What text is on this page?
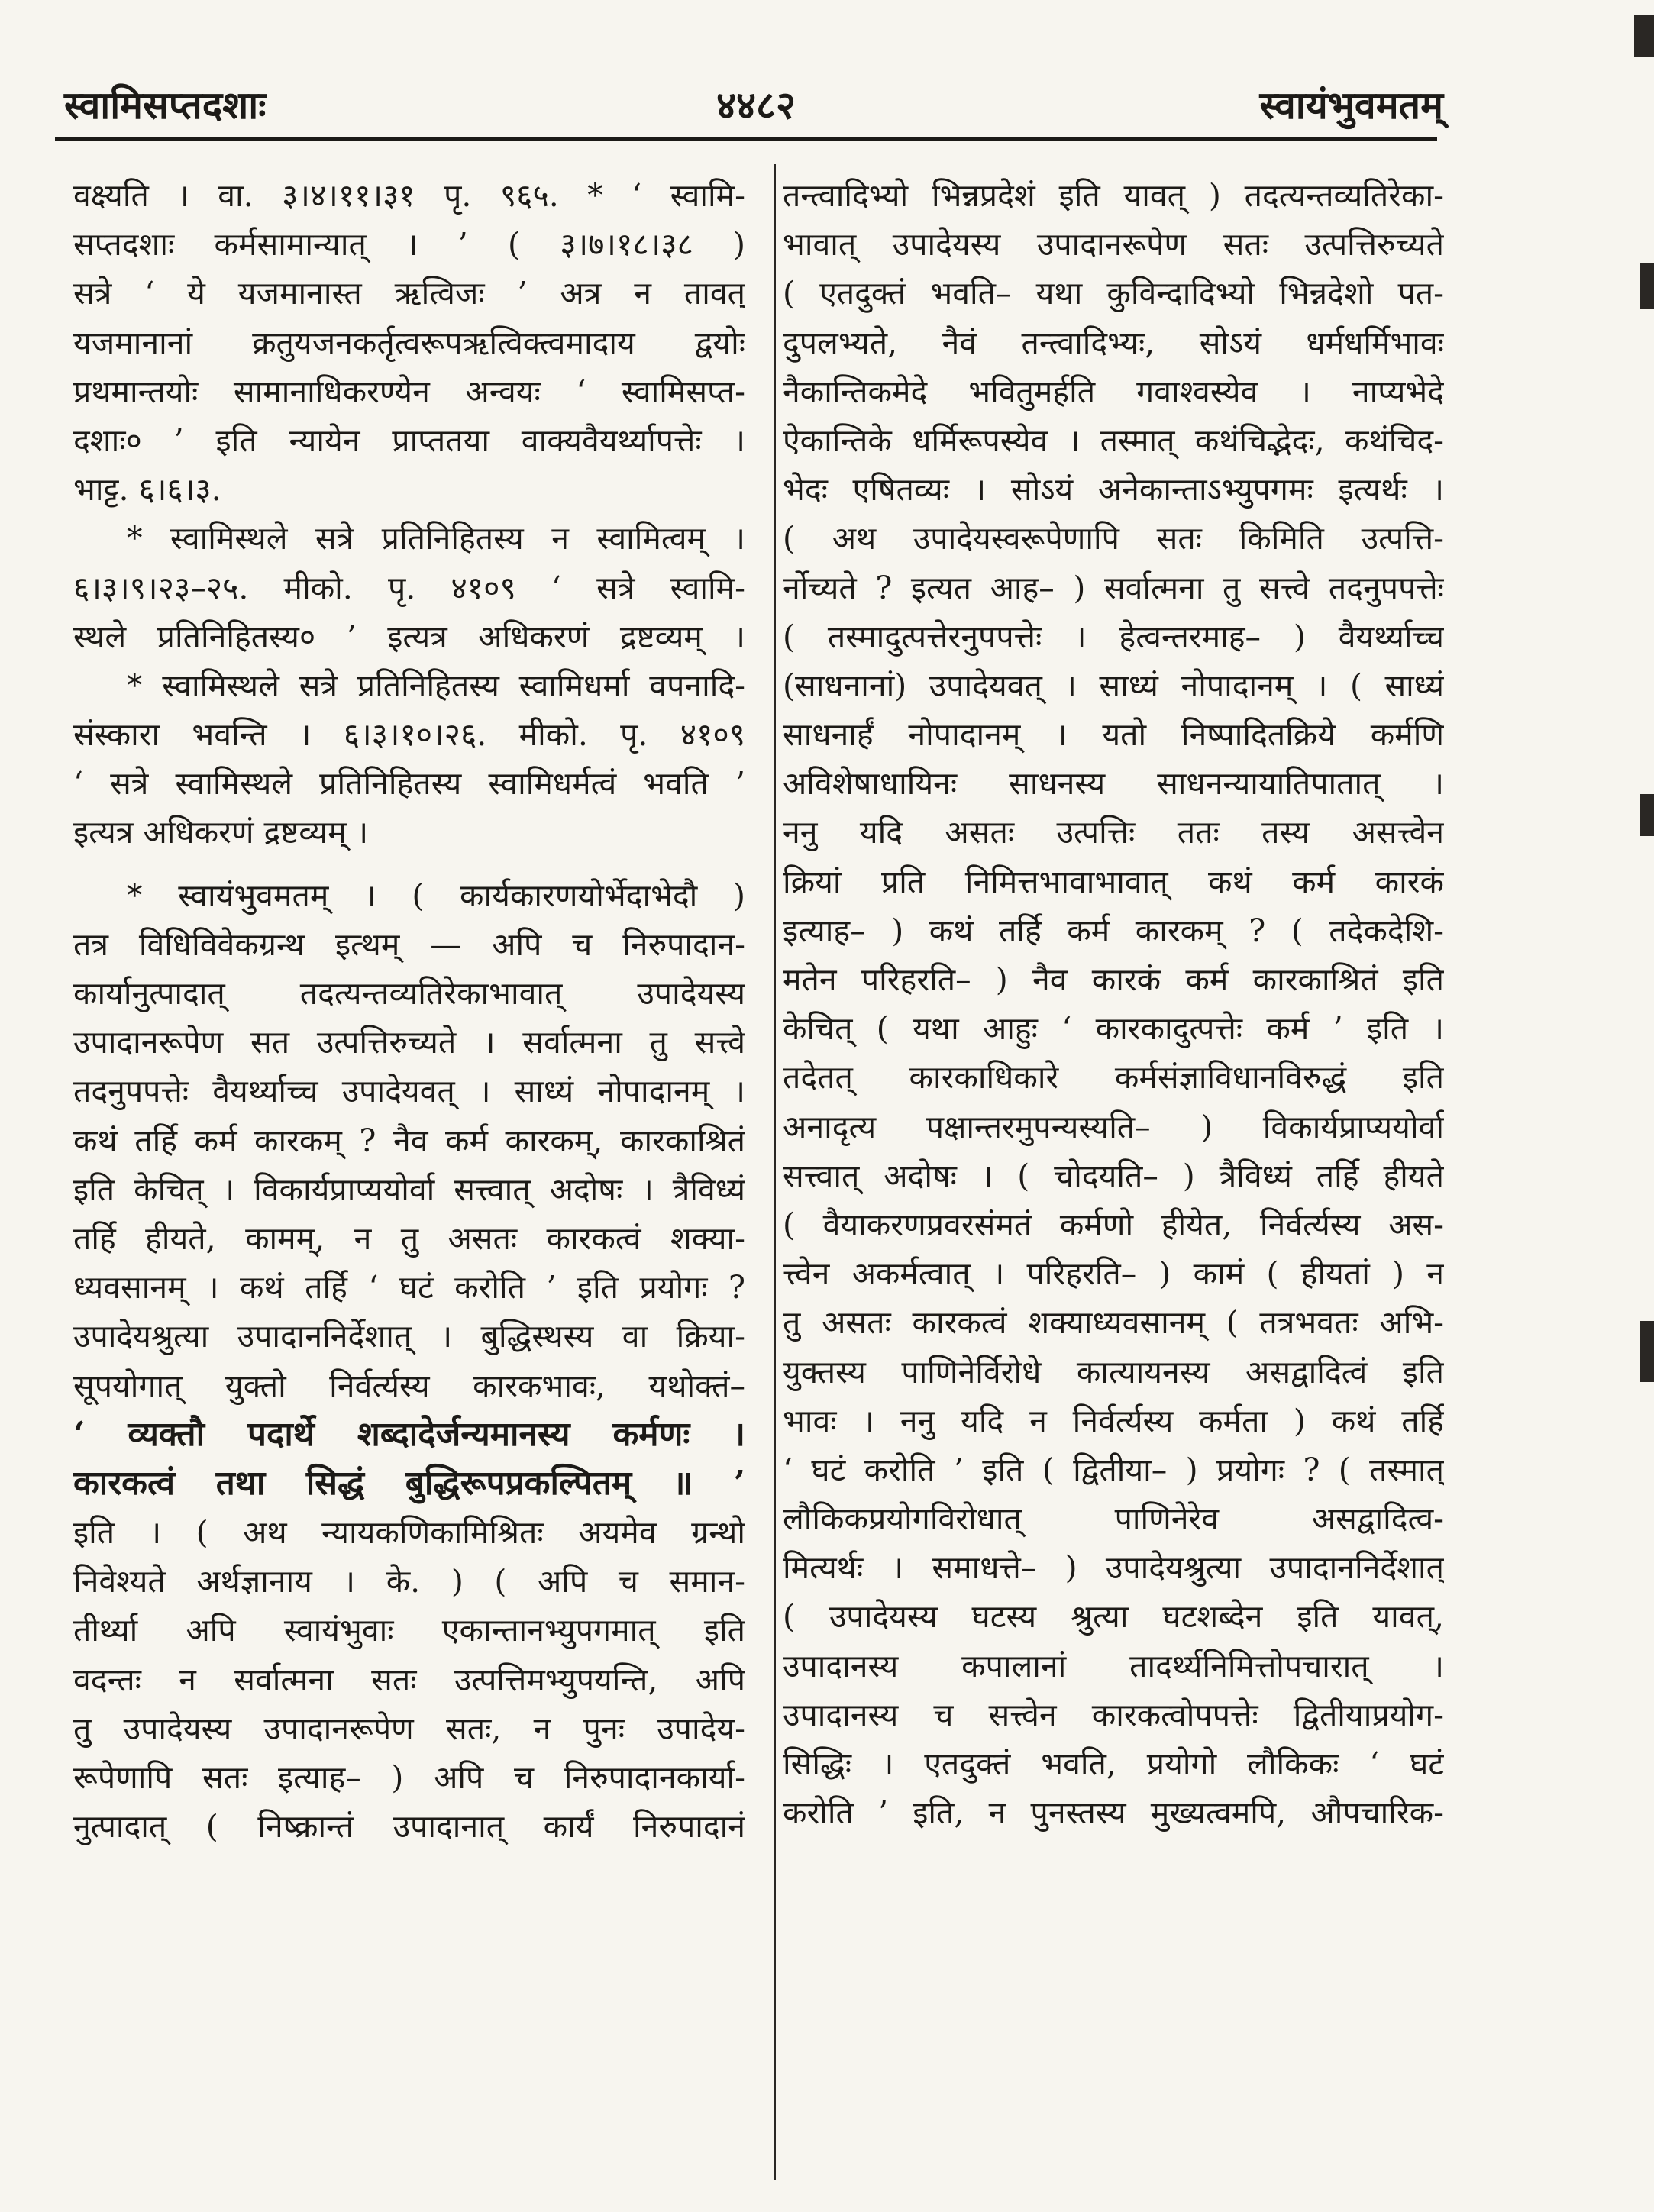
स्वामिसप्तदशाः	४४८२	स्वायंभुवमतम्
वक्ष्यति । वा. ३।४।११।३१ पृ. ९६५. * ‘ स्वामि-
सप्तदशाः कर्मसामान्यात् । ’ ( ३।७।१८।३८ )
सत्रे ‘ ये यजमानास्त ऋत्विजः ’ अत्र न तावत्
यजमानानां क्रतुयजनकर्तृत्वरूपऋत्विक्त्वमादाय द्वयोः
प्रथमान्तयोः सामानाधिकरण्येन अन्वयः ‘ स्वामिसप्त-
दशाः० ’ इति न्यायेन प्राप्ततया वाक्यवैयर्थ्यापत्तेः ।
भाट्ट. ६।६।३.
* स्वामिस्थले सत्रे प्रतिनिहितस्य न स्वामित्वम् ।
६।३।९।२३–२५. मीको. पृ. ४१०९ ‘ सत्रे स्वामि-
स्थले प्रतिनिहितस्य० ’ इत्यत्र अधिकरणं द्रष्टव्यम् ।
* स्वामिस्थले सत्रे प्रतिनिहितस्य स्वामिधर्मा वपनादि-
संस्कारा भवन्ति । ६।३।१०।२६. मीको. पृ. ४१०९
‘ सत्रे स्वामिस्थले प्रतिनिहितस्य स्वामिधर्मत्वं भवति ’
इत्यत्र अधिकरणं द्रष्टव्यम् ।
* स्वायंभुवमतम् । ( कार्यकारणयोर्भेदाभेदौ )
तत्र विधिविवेकग्रन्थ इत्थम् — अपि च निरुपादान-
कार्यानुत्पादात् तदत्यन्तव्यतिरेकाभावात् उपादेयस्य
उपादानरूपेण सत उत्पत्तिरुच्यते । सर्वात्मना तु सत्त्वे
तदनुपपत्तेः वैयर्थ्याच्च उपादेयवत् । साध्यं नोपादानम् ।
कथं तर्हि कर्म कारकम् ? नैव कर्म कारकम्, कारकाश्रितं
इति केचित् । विकार्यप्राप्ययोर्वा सत्त्वात् अदोषः । त्रैविध्यं
तर्हि हीयते, कामम्, न तु असतः कारकत्वं शक्या-
ध्यवसानम् । कथं तर्हि ‘ घटं करोति ’ इति प्रयोगः ?
उपादेयश्रुत्या उपादाननिर्देशात् । बुद्धिस्थस्य वा क्रिया-
सूपयोगात् युक्तो निर्वर्त्यस्य कारकभावः, यथोक्तं–
‘ व्यक्तौ पदार्थे शब्दादेर्जन्यमानस्य कर्मणः ।
कारकत्वं तथा सिद्धं बुद्धिरूपप्रकल्पितम् ॥ ’
इति । ( अथ न्यायकणिकामिश्रितः अयमेव ग्रन्थो
निवेश्यते अर्थज्ञानाय । के. ) ( अपि च समान-
तीर्थ्या अपि स्वायंभुवाः एकान्तानभ्युपगमात् इति
वदन्तः न सर्वात्मना सतः उत्पत्तिमभ्युपयन्ति, अपि
तु उपादेयस्य उपादानरूपेण सतः, न पुनः उपादेय-
रूपेणापि सतः इत्याह– ) अपि च निरुपादानकार्या-
नुत्पादात् ( निष्क्रान्तं उपादानात् कार्यं निरुपादानं
तन्त्वादिभ्यो भिन्नप्रदेशं इति यावत् ) तदत्यन्तव्यतिरेका-
भावात् उपादेयस्य उपादानरूपेण सतः उत्पत्तिरुच्यते
( एतदुक्तं भवति– यथा कुविन्दादिभ्यो भिन्नदेशो पत-
दुपलभ्यते, नैवं तन्त्वादिभ्यः, सोऽयं धर्मधर्मिभावः
नैकान्तिकमेदे भवितुमर्हति गवाश्वस्येव । नाप्यभेदे
ऐकान्तिके धर्मिरूपस्येव । तस्मात् कथंचिद्भेदः, कथंचिद-
भेदः एषितव्यः । सोऽयं अनेकान्ताऽभ्युपगमः इत्यर्थः ।
( अथ उपादेयस्वरूपेणापि सतः किमिति उत्पत्ति-
र्नोच्यते ? इत्यत आह– ) सर्वात्मना तु सत्त्वे तदनुपपत्तेः
( तस्मादुत्पत्तेरनुपपत्तेः । हेत्वन्तरमाह– ) वैयर्थ्याच्च
(साधनानां) उपादेयवत् । साध्यं नोपादानम् । ( साध्यं
साधनार्हं नोपादानम् । यतो निष्पादितक्रिये कर्मणि
अविशेषाधायिनः साधनस्य साधनन्यायातिपातात् ।
ननु यदि असतः उत्पत्तिः ततः तस्य असत्त्वेन
क्रियां प्रति निमित्तभावाभावात् कथं कर्म कारकं
इत्याह– ) कथं तर्हि कर्म कारकम् ? ( तदेकदेशि-
मतेन परिहरति– ) नैव कारकं कर्म कारकाश्रितं इति
केचित् ( यथा आहुः ‘ कारकादुत्पत्तेः कर्म ’ इति ।
तदेतत् कारकाधिकारे कर्मसंज्ञाविधानविरुद्धं इति
अनादृत्य पक्षान्तरमुपन्यस्यति– ) विकार्यप्राप्ययोर्वा
सत्त्वात् अदोषः । ( चोदयति– ) त्रैविध्यं तर्हि हीयते
( वैयाकरणप्रवरसंमतं कर्मणो हीयेत, निर्वर्त्यस्य अस-
त्त्वेन अकर्मत्वात् । परिहरति– ) कामं ( हीयतां ) न
तु असतः कारकत्वं शक्याध्यवसानम् ( तत्रभवतः अभि-
युक्तस्य पाणिनेर्विरोधे कात्यायनस्य असद्वादित्वं इति
भावः । ननु यदि न निर्वर्त्यस्य कर्मता ) कथं तर्हि
‘ घटं करोति ’ इति ( द्वितीया– ) प्रयोगः ? ( तस्मात्
लौकिकप्रयोगविरोधात् पाणिनेरेव असद्वादित्व-
मित्यर्थः । समाधत्ते– ) उपादेयश्रुत्या उपादाननिर्देशात्
( उपादेयस्य घटस्य श्रुत्या घटशब्देन इति यावत्,
उपादानस्य कपालानां तादर्थ्यनिमित्तोपचारात् ।
उपादानस्य च सत्त्वेन कारकत्वोपपत्तेः द्वितीयाप्रयोग-
सिद्धिः । एतदुक्तं भवति, प्रयोगो लौकिकः ‘ घटं
करोति ’ इति, न पुनस्तस्य मुख्यत्वमपि, औपचारिक-
